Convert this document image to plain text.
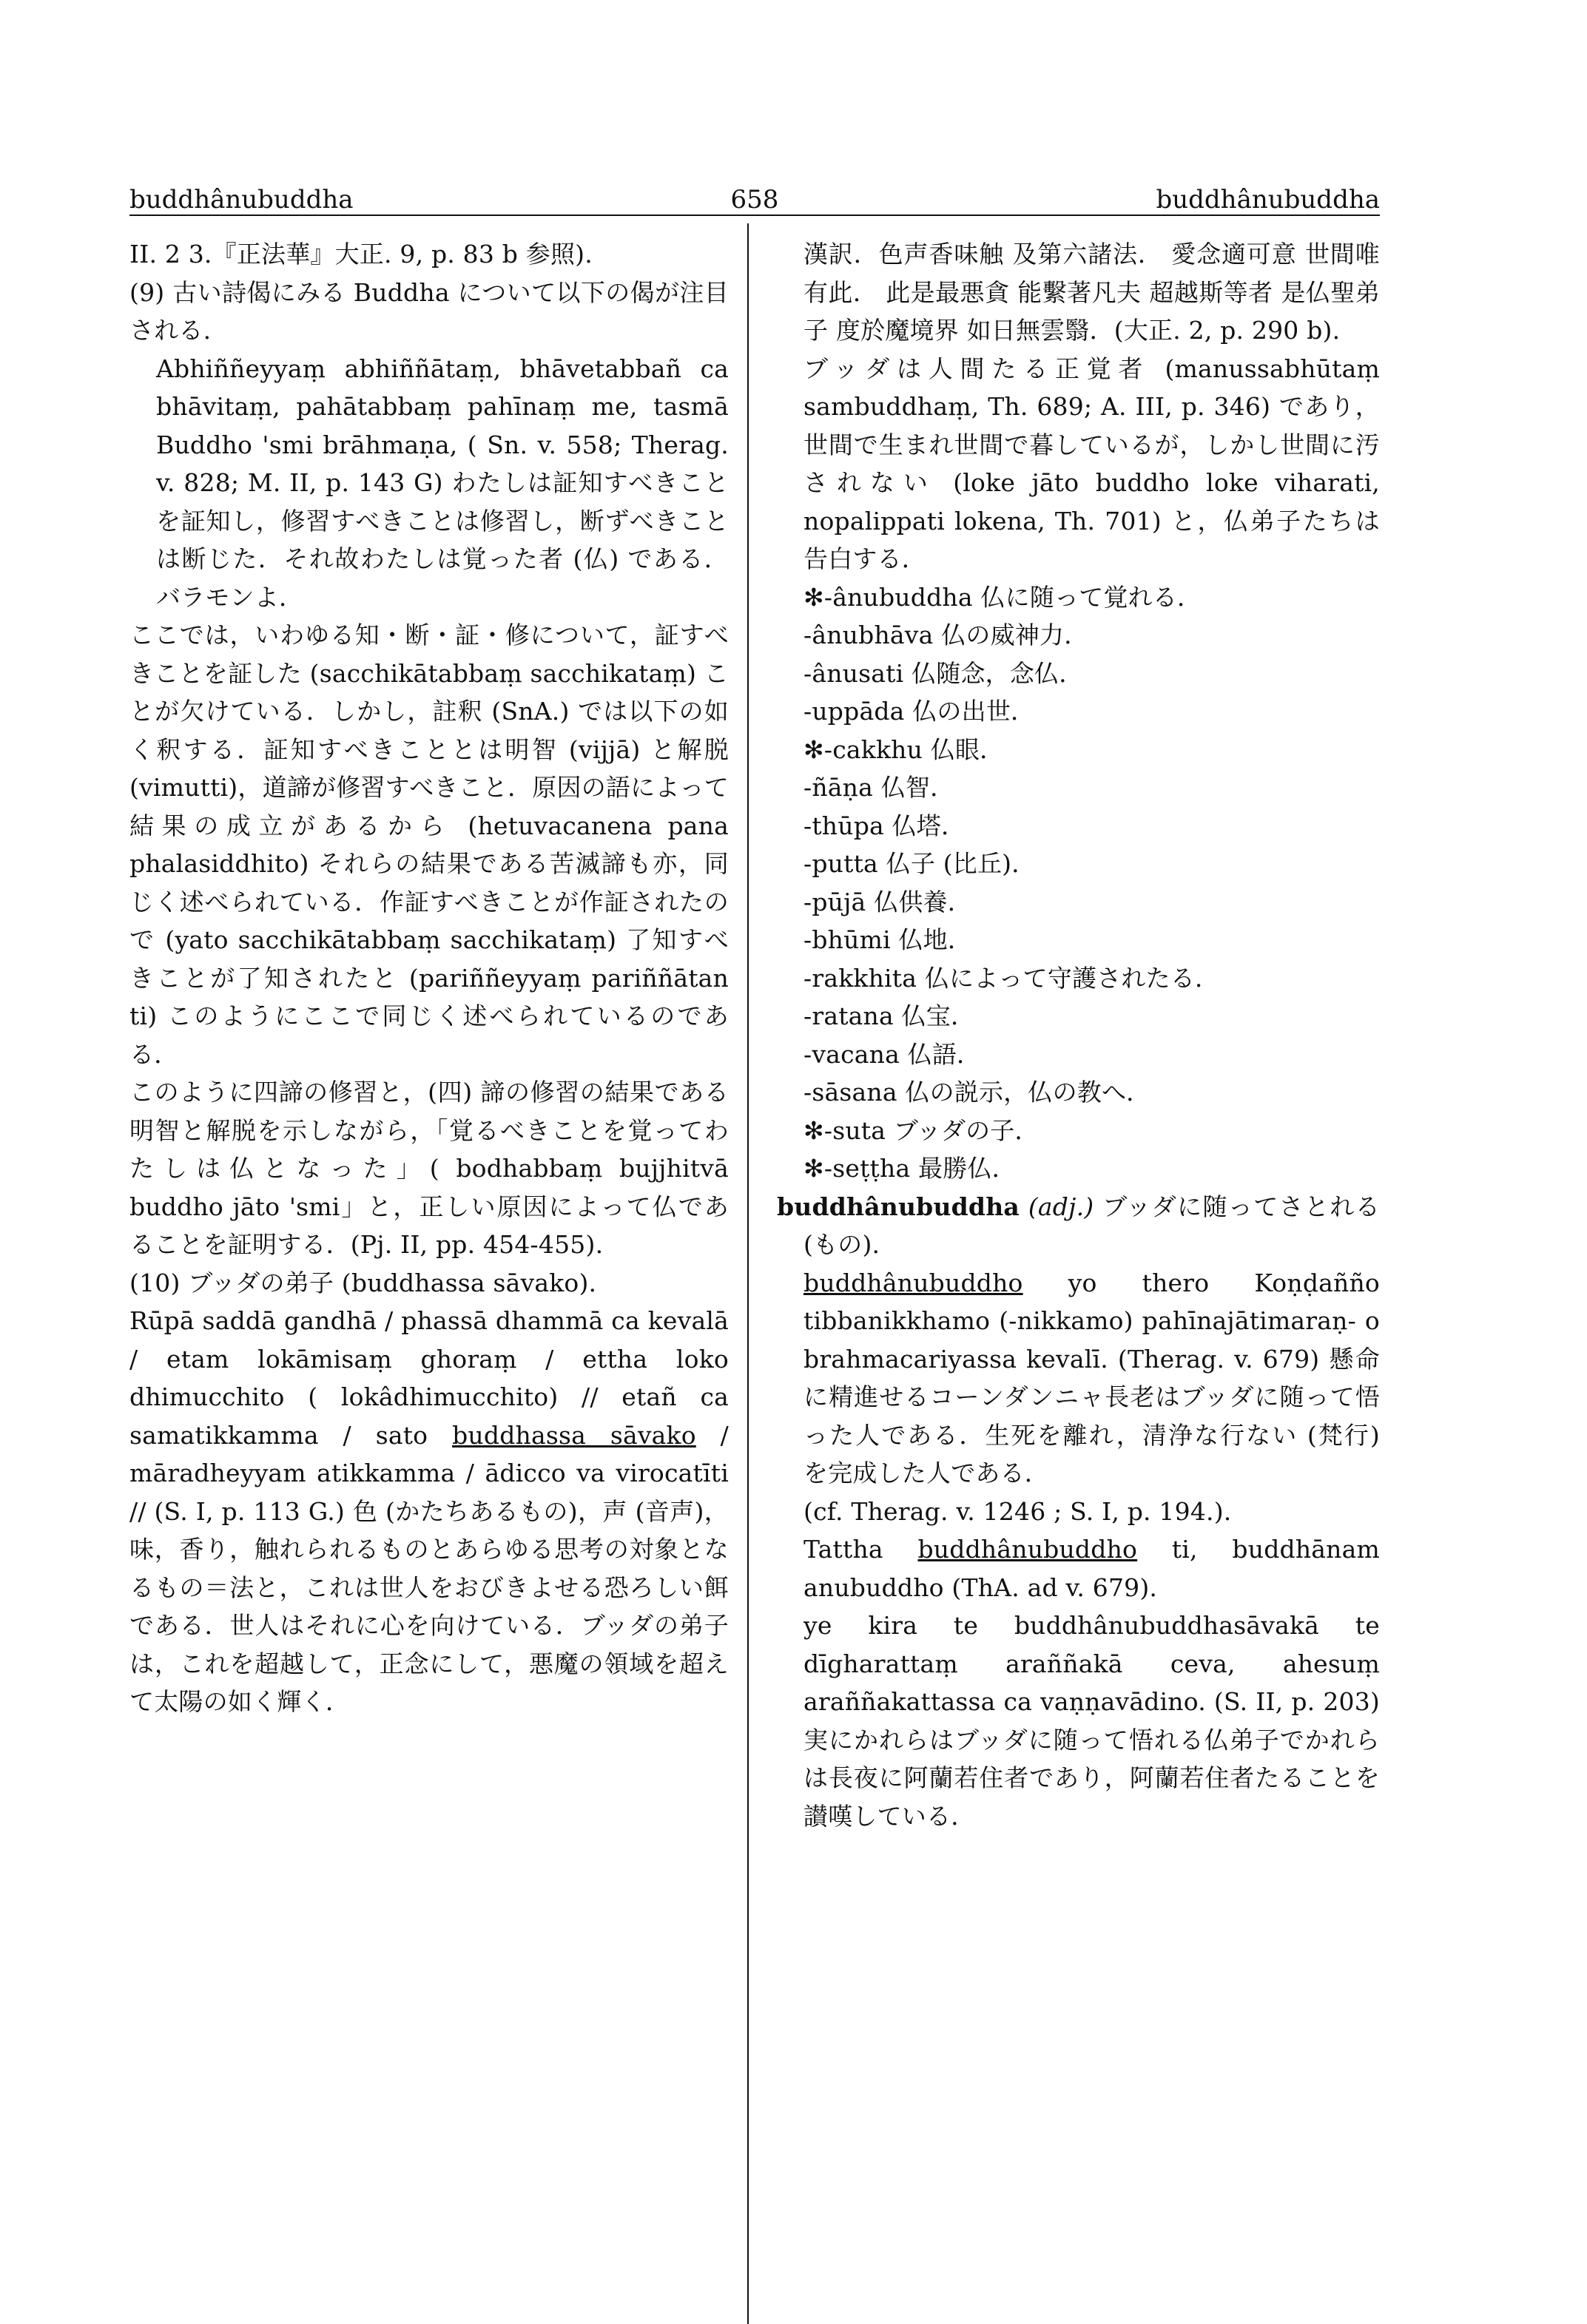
buddhânubuddha	658	buddhânubuddha

II. 2 3.『正法華』大正. 9, p. 83 b 参照).

(9) 古い詩偈にみる Buddha について以下の偈が注目される.

Abhiññeyyaṃ abhiññātaṃ, bhāvetabbañ ca bhāvitaṃ, pahātabbaṃ pahīnaṃ me, tasmā Buddho 'smi brāhmaṇa, ( Sn. v. 558; Therag. v. 828; M. II, p. 143 G) わたしは証知すべきことを証知し，修習すべきことは修習し，断ずべきことは断じた．それ故わたしは覚った者 (仏) である．バラモンよ．

ここでは，いわゆる知・断・証・修について，証すべきことを証した (sacchikātabbaṃ sacchikataṃ) ことが欠けている．しかし，註釈 (SnA.) では以下の如く釈する．証知すべきこととは明智 (vijjā) と解脱 (vimutti)，道諦が修習すべきこと．原因の語によって結果の成立があるから (hetuvacanena pana phalasiddhito) それらの結果である苦滅諦も亦，同じく述べられている．作証すべきことが作証されたので (yato sacchikātabbaṃ sacchikataṃ) 了知すべきことが了知されたと (pariññeyyaṃ pariññātan ti) このようにここで同じく述べられているのである．

このように四諦の修習と，(四) 諦の修習の結果である明智と解脱を示しながら，「覚るべきことを覚ってわたしは仏となった」( bodhabbaṃ bujjhitvā buddho jāto 'smi」と，正しい原因によって仏であることを証明する．(Pj. II, pp. 454-455).

(10) ブッダの弟子 (buddhassa sāvako).

Rūpā saddā gandhā / phassā dhammā ca kevalā / etam lokāmisaṃ ghoraṃ / ettha loko dhimucchito ( lokâdhimucchito) // etañ ca samatikkamma / sato buddhassa sāvako / māradheyyam atikkamma / ādicco va virocatīti // (S. I, p. 113 G.) 色 (かたちあるもの)，声 (音声)，味，香り，触れられるものとあらゆる思考の対象となるもの＝法と，これは世人をおびきよせる恐ろしい餌である．世人はそれに心を向けている．ブッダの弟子は，これを超越して，正念にして，悪魔の領域を超えて太陽の如く輝く．

漢訳．色声香味触 及第六諸法． 愛念適可意 世間唯有此． 此是最悪貪 能繫著凡夫 超越斯等者 是仏聖弟子 度於魔境界 如日無雲翳．(大正. 2, p. 290 b).

ブッダは人間たる正覚者 (manussabhūtaṃ sambuddhaṃ, Th. 689; A. III, p. 346) であり，世間で生まれ世間で暮しているが，しかし世間に汚されない (loke jāto buddho loke viharati, nopalippati lokena, Th. 701) と，仏弟子たちは告白する．

✻-ânubuddha 仏に随って覚れる．

-ânubhāva 仏の威神力．

-ânusati 仏随念，念仏．

-uppāda 仏の出世．

✻-cakkhu 仏眼．

-ñāṇa 仏智．

-thūpa 仏塔．

-putta 仏子 (比丘)．

-pūjā 仏供養．

-bhūmi 仏地．

-rakkhita 仏によって守護されたる．

-ratana 仏宝．

-vacana 仏語．

-sāsana 仏の説示，仏の教へ．

✻-suta ブッダの子．

✻-seṭṭha 最勝仏．

buddhânubuddha (adj.) ブッダに随ってさとれる (もの).

buddhânubuddho yo thero Koṇḍañño tibbanikkhamo (-nikkamo) pahīnajātimaraṇ- o brahmacariyassa kevalī. (Therag. v. 679) 懸命に精進せるコーンダンニャ長老はブッダに随って悟った人である．生死を離れ，清浄な行ない (梵行) を完成した人である．

(cf. Therag. v. 1246 ; S. I, p. 194.).

Tattha buddhânubuddho ti, buddhānam anubuddho (ThA. ad v. 679).

ye kira te buddhânubuddhasāvakā te dīgharattaṃ araññakā ceva, ahesuṃ araññakattassa ca vaṇṇavādino. (S. II, p. 203) 実にかれらはブッダに随って悟れる仏弟子でかれらは長夜に阿蘭若住者であり，阿蘭若住者たることを讃嘆している．
